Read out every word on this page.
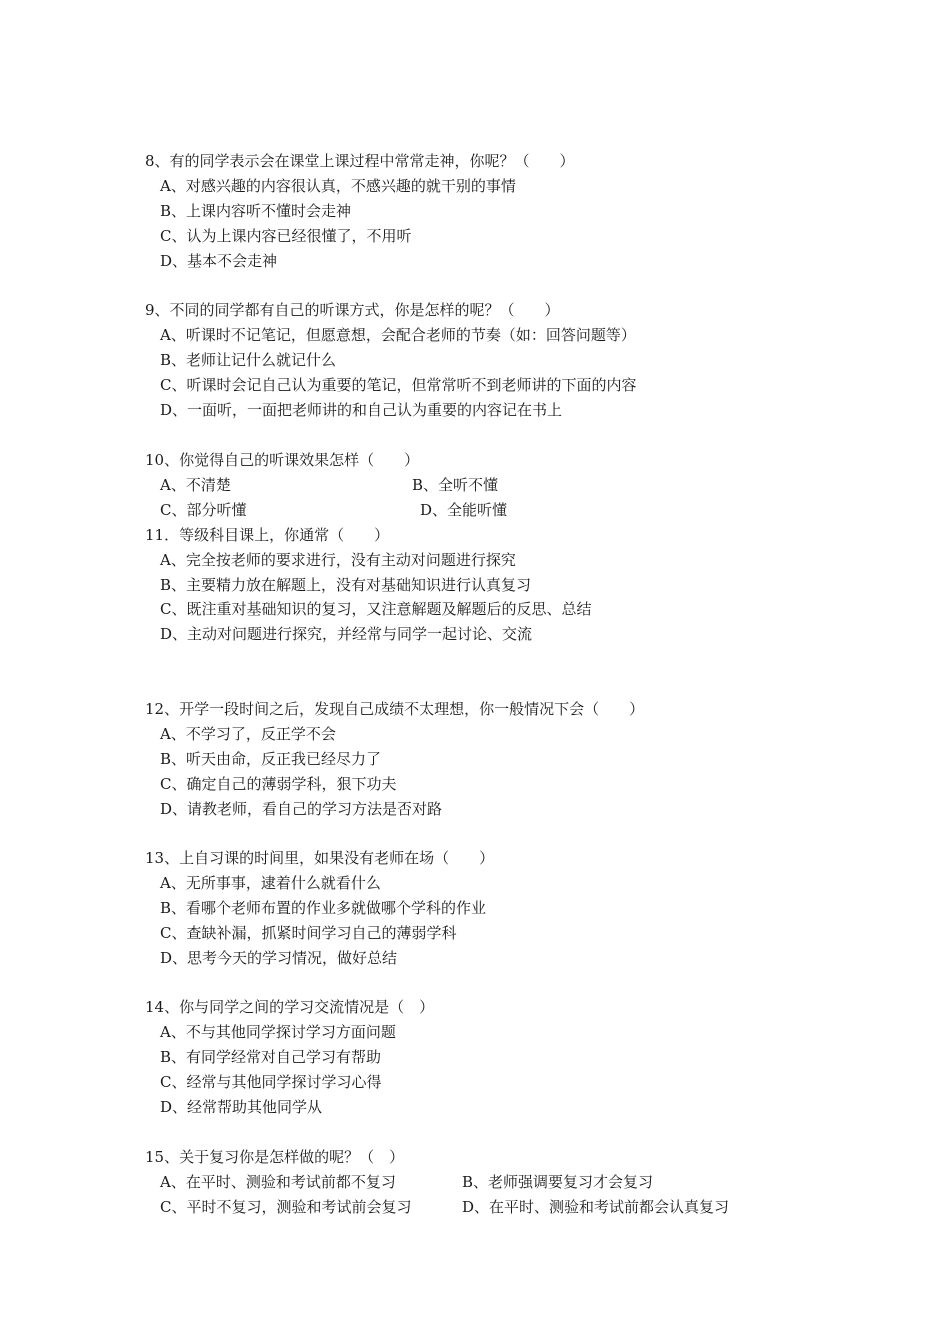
8、有的同学表示会在课堂上课过程中常常走神，你呢？（　　）
A、对感兴趣的内容很认真，不感兴趣的就干别的事情
B、上课内容听不懂时会走神
C、认为上课内容已经很懂了，不用听
D、基本不会走神
9、不同的同学都有自己的听课方式，你是怎样的呢？（　　）
A、听课时不记笔记，但愿意想，会配合老师的节奏（如：回答问题等）
B、老师让记什么就记什么
C、听课时会记自己认为重要的笔记，但常常听不到老师讲的下面的内容
D、一面听，一面把老师讲的和自己认为重要的内容记在书上
10、你觉得自己的听课效果怎样（　　）
A、不清楚	B、全听不懂
C、部分听懂	D、全能听懂
11．等级科目课上，你通常（　　）
A、完全按老师的要求进行，没有主动对问题进行探究
B、主要精力放在解题上，没有对基础知识进行认真复习
C、既注重对基础知识的复习，又注意解题及解题后的反思、总结
D、主动对问题进行探究，并经常与同学一起讨论、交流
12、开学一段时间之后，发现自己成绩不太理想，你一般情况下会（　　）
A、不学习了，反正学不会
B、听天由命，反正我已经尽力了
C、确定自己的薄弱学科，狠下功夫
D、请教老师，看自己的学习方法是否对路
13、上自习课的时间里，如果没有老师在场（　　）
A、无所事事，逮着什么就看什么
B、看哪个老师布置的作业多就做哪个学科的作业
C、查缺补漏，抓紧时间学习自己的薄弱学科
D、思考今天的学习情况，做好总结
14、你与同学之间的学习交流情况是（　）
A、不与其他同学探讨学习方面问题
B、有同学经常对自己学习有帮助
C、经常与其他同学探讨学习心得
D、经常帮助其他同学从
15、关于复习你是怎样做的呢？（　）
A、在平时、测验和考试前都不复习	B、老师强调要复习才会复习
C、平时不复习，测验和考试前会复习	D、在平时、测验和考试前都会认真复习
